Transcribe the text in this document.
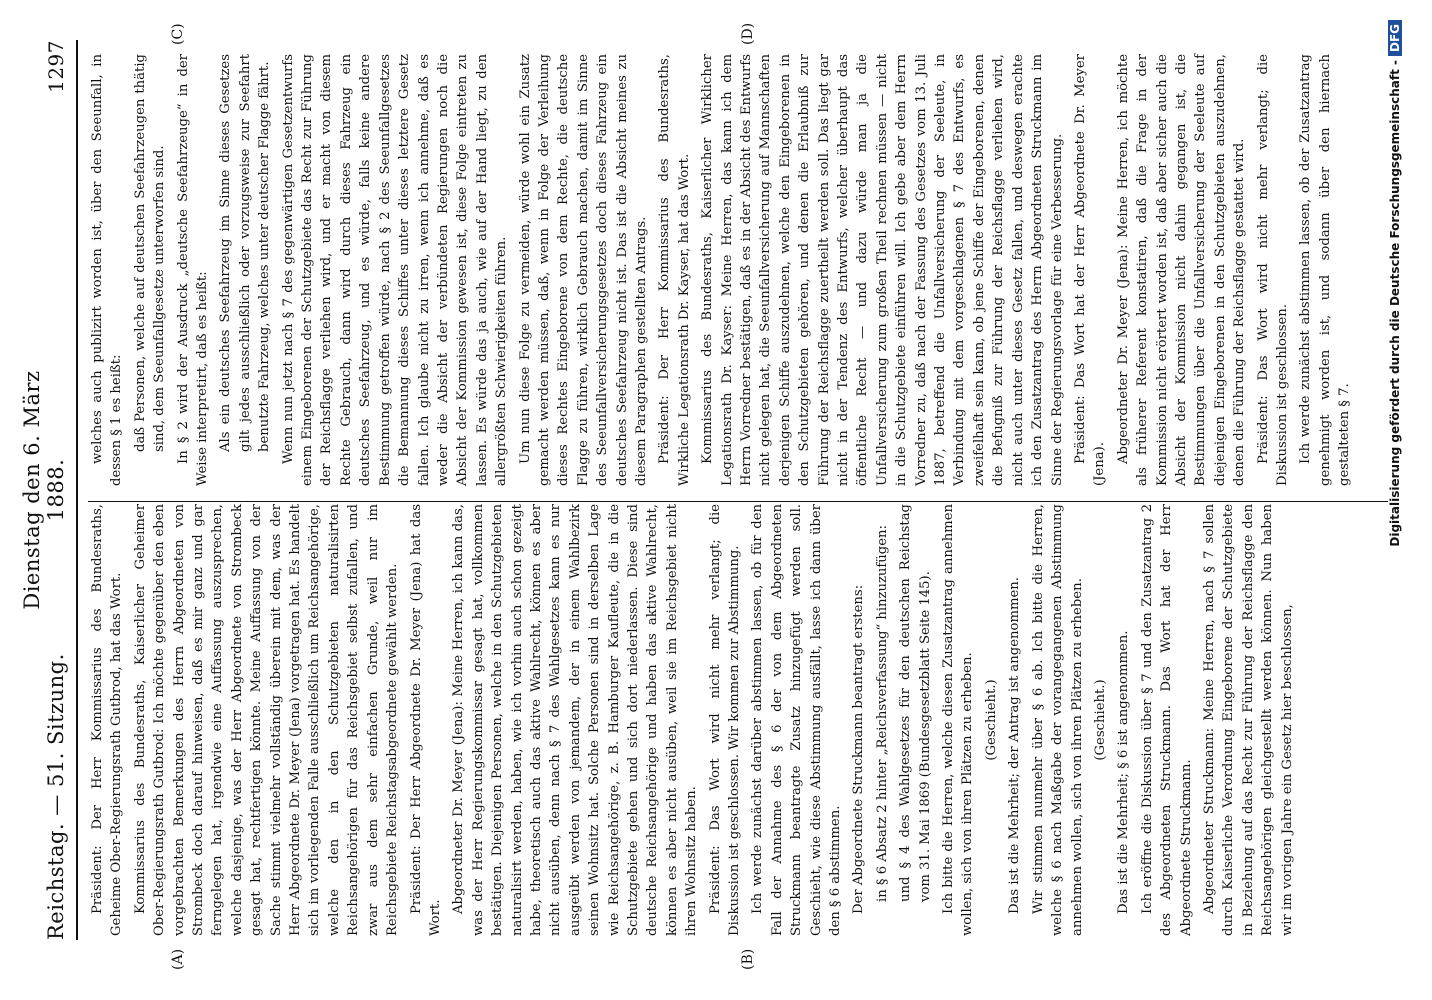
Reichstag. — 51. Sitzung.
Dienstag den 6. März 1888.
1297
(A)	(B)
(C)	(D)

Präsident: Der Herr Kommissarius des Bundesraths, Geheime Ober-Regierungsrath Gutbrod, hat das Wort. Kommissarius des Bundesraths, Kaiserlicher Geheimer Ober-Regierungsrath Gutbrod: Ich möchte gegenüber den eben vorgebrachten Bemerkungen des Herrn Abgeordneten von Strombeck doch darauf hinweisen, daß es mir ganz und gar ferngelegen hat, irgendwie eine Auffassung auszusprechen, welche dasjenige, was der Herr Abgeordnete von Strombeck gesagt hat, rechtfertigen könnte. Meine Auffassung von der Sache stimmt vielmehr vollständig überein mit dem, was der Herr Abgeordnete Dr. Meyer (Jena) vorgetragen hat. Es handelt sich im vorliegenden Falle ausschließlich um Reichsangehörige, welche den in den Schutzgebieten naturalisirten Reichsangehörigen für das Reichsgebiet selbst zufallen, und zwar aus dem sehr einfachen Grunde, weil nur im Reichsgebiete Reichstagsabgeordnete gewählt werden. Präsident: Der Herr Abgeordnete Dr. Meyer (Jena) hat das Wort.

Abgeordneter Dr. Meyer (Jena): Meine Herren, ich kann das, was der Herr Regierungskommissar gesagt hat, vollkommen bestätigen. Diejenigen Personen, welche in den Schutzgebieten naturalisirt werden, haben, wie ich vorhin auch schon gezeigt habe, theoretisch auch das aktive Wahlrecht, können es aber nicht ausüben, denn nach § 7 des Wahlgesetzes kann es nur ausgeübt werden von jemandem, der in einem Wahlbezirk seinen Wohnsitz hat. Solche Personen sind in derselben Lage wie Reichsangehörige, z. B. Hamburger Kaufleute, die in die Schutzgebiete gehen und sich dort niederlassen. Diese sind deutsche Reichsangehörige und haben das aktive Wahlrecht, können es aber nicht ausüben, weil sie im Reichsgebiet nicht ihren Wohnsitz haben. Präsident: Das Wort wird nicht mehr verlangt; die Diskussion ist geschlossen. Wir kommen zur Abstimmung. Ich werde zunächst darüber abstimmen lassen, ob für den Fall der Annahme des § 6 der von dem Abgeordneten Struckmann beantragte Zusatz hinzugefügt werden soll. Geschieht, wie diese Abstimmung ausfällt, lasse ich dann über den § 6 abstimmen. Der Abgeordnete Struckmann beantragt erstens: in § 6 Absatz 2 hinter „Reichsverfassung“ hinzuzufügen: und § 4 des Wahlgesetzes für den deutschen Reichstag vom 31. Mai 1869 (Bundesgesetzblatt Seite 145). Ich bitte die Herren, welche diesen Zusatzantrag annehmen wollen, sich von ihren Plätzen zu erheben. (Geschieht.) Das ist die Mehrheit; der Antrag ist angenommen. Wir stimmen nunmehr über § 6 ab. Ich bitte die Herren, welche § 6 nach Maßgabe der vorangegangenen Abstimmung annehmen wollen, sich von ihren Plätzen zu erheben. (Geschieht.) Das ist die Mehrheit; § 6 ist angenommen. Ich eröffne die Diskussion über § 7 und den Zusatzantrag 2 des Abgeordneten Struckmann. Das Wort hat der Herr Abgeordnete Struckmann. Abgeordneter Struckmann: Meine Herren, nach § 7 sollen durch Kaiserliche Verordnung Eingeborene der Schutzgebiete in Beziehung auf das Recht zur Führung der Reichsflagge den Reichsangehörigen gleichgestellt werden können. Nun haben wir im vorigen Jahre ein Gesetz hier beschlossen,

welches auch publizirt worden ist, über den Seeunfall, in dessen § 1 es heißt: daß Personen, welche auf deutschen Seefahrzeugen thätig sind, dem Seeunfallgesetze unterworfen sind. In § 2 wird der Ausdruck „deutsche Seefahrzeuge“ in der Weise interpretirt, daß es heißt: Als ein deutsches Seefahrzeug im Sinne dieses Gesetzes gilt jedes ausschließlich oder vorzugsweise zur Seefahrt benutzte Fahrzeug, welches unter deutscher Flagge fährt. Wenn nun jetzt nach § 7 des gegenwärtigen Gesetzentwurfs einem Eingeborenen der Schutzgebiete das Recht zur Führung der Reichsflagge verliehen wird, und er macht von diesem Rechte Gebrauch, dann wird durch dieses Fahrzeug ein deutsches Seefahrzeug, und es würde, falls keine andere Bestimmung getroffen würde, nach § 2 des Seeunfallgesetzes die Bemannung dieses Schiffes unter dieses letztere Gesetz fallen. Ich glaube nicht zu irren, wenn ich annehme, daß es weder die Absicht der verbündeten Regierungen noch die Absicht der Kommission gewesen ist, diese Folge eintreten zu lassen. Es würde das ja auch, wie auf der Hand liegt, zu den allergrößten Schwierigkeiten führen. Um nun diese Folge zu vermeiden, würde wohl ein Zusatz gemacht werden müssen, daß, wenn in Folge der Verleihung dieses Rechtes Eingeborene von dem Rechte, die deutsche Flagge zu führen, wirklich Gebrauch machen, damit im Sinne des Seeunfallversicherungsgesetzes doch dieses Fahrzeug ein deutsches Seefahrzeug nicht ist. Das ist die Absicht meines zu diesem Paragraphen gestellten Antrags. Präsident: Der Herr Kommissarius des Bundesraths, Wirkliche Legationsrath Dr. Kayser, hat das Wort. Kommissarius des Bundesraths, Kaiserlicher Wirklicher Legationsrath Dr. Kayser: Meine Herren, das kann ich dem Herrn Vorredner bestätigen, daß es in der Absicht des Entwurfs nicht gelegen hat, die Seeunfallversicherung auf Mannschaften derjenigen Schiffe auszudehnen, welche den Eingeborenen in den Schutzgebieten gehören, und denen die Erlaubniß zur Führung der Reichsflagge zuertheilt werden soll. Das liegt gar nicht in der Tendenz des Entwurfs, welcher überhaupt das öffentliche Recht — und dazu würde man ja die Unfallversicherung zum großen Theil rechnen müssen — nicht in die Schutzgebiete einführen will. Ich gebe aber dem Herrn Vorredner zu, daß nach der Fassung des Gesetzes vom 13. Juli 1887, betreffend die Unfallversicherung der Seeleute, in Verbindung mit dem vorgeschlagenen § 7 des Entwurfs, es zweifelhaft sein kann, ob jene Schiffe der Eingeborenen, denen die Befugniß zur Führung der Reichsflagge verliehen wird, nicht auch unter dieses Gesetz fallen, und deswegen erachte ich den Zusatzantrag des Herrn Abgeordneten Struckmann im Sinne der Regierungsvorlage für eine Verbesserung. Präsident: Das Wort hat der Herr Abgeordnete Dr. Meyer (Jena).

Abgeordneter Dr. Meyer (Jena): Meine Herren, ich möchte als früherer Referent konstatiren, daß die Frage in der Kommission nicht erörtert worden ist, daß aber sicher auch die Absicht der Kommission nicht dahin gegangen ist, die Bestimmungen über die Unfallversicherung der Seeleute auf diejenigen Eingeborenen in den Schutzgebieten auszudehnen, denen die Führung der Reichsflagge gestattet wird. Präsident: Das Wort wird nicht mehr verlangt; die Diskussion ist geschlossen. Ich werde zunächst abstimmen lassen, ob der Zusatzantrag genehmigt worden ist, und sodann über den hiernach gestalteten § 7.	Digitalisierung gefördert durch die Deutsche Forschungsgemeinschaft -DFG
